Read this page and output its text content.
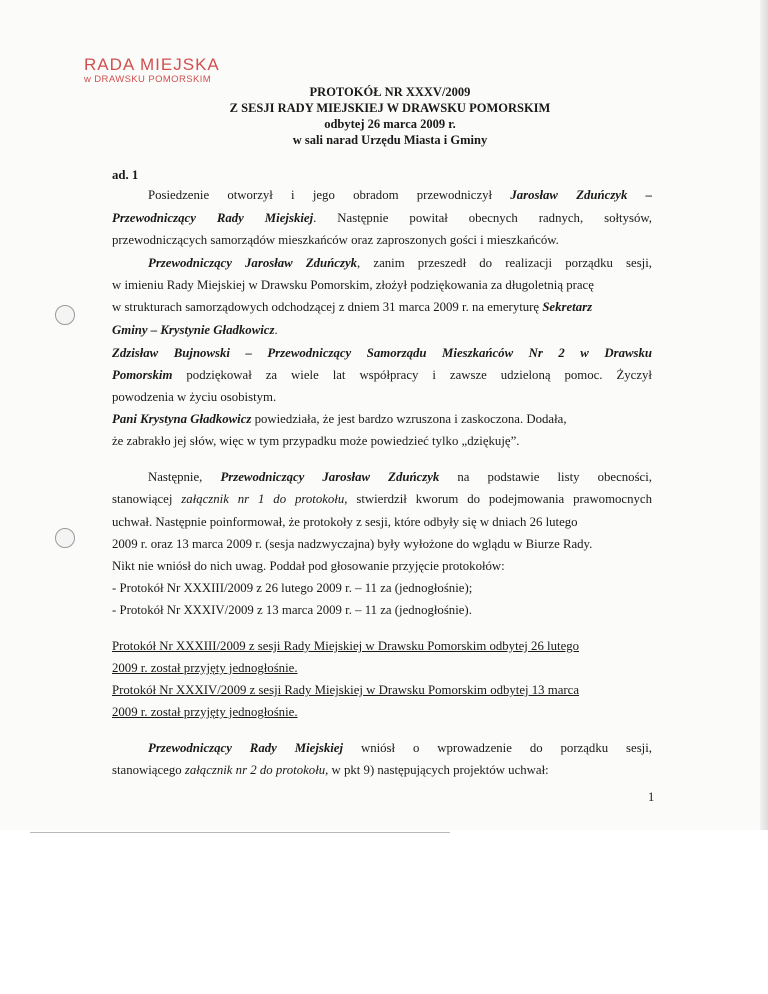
RADA MIEJSKA
w DRAWSKU POMORSKIM
PROTOKÓŁ NR XXXV/2009
Z SESJI RADY MIEJSKIEJ W DRAWSKU POMORSKIM
odbytej 26 marca 2009 r.
w sali narad Urzędu Miasta i Gminy
ad. 1
Posiedzenie otworzył i jego obradom przewodniczył Jarosław Zduńczyk –
Przewodniczący Rady Miejskiej. Następnie powitał obecnych radnych, sołtysów,
przewodniczących samorządów mieszkańców oraz zaproszonych gości i mieszkańców.
Przewodniczący Jarosław Zduńczyk, zanim przeszedł do realizacji porządku sesji,
w imieniu Rady Miejskiej w Drawsku Pomorskim, złożył podziękowania za długoletnią pracę
w strukturach samorządowych odchodzącej z dniem 31 marca 2009 r. na emeryturę Sekretarz
Gminy – Krystynie Gładkowicz.
Zdzisław Bujnowski – Przewodniczący Samorządu Mieszkańców Nr 2 w Drawsku
Pomorskim podziękował za wiele lat współpracy i zawsze udzieloną pomoc. Życzył
powodzenia w życiu osobistym.
Pani Krystyna Gładkowicz powiedziała, że jest bardzo wzruszona i zaskoczona. Dodała,
że zabrakło jej słów, więc w tym przypadku może powiedzieć tylko „dziękuję”.
Następnie, Przewodniczący Jarosław Zduńczyk na podstawie listy obecności,
stanowiącej załącznik nr 1 do protokołu, stwierdził kworum do podejmowania prawomocnych
uchwał. Następnie poinformował, że protokoły z sesji, które odbyły się w dniach 26 lutego
2009 r. oraz 13 marca 2009 r. (sesja nadzwyczajna) były wyłożone do wglądu w Biurze Rady.
Nikt nie wniósł do nich uwag. Poddał pod głosowanie przyjęcie protokołów:
- Protokół Nr XXXIII/2009 z 26 lutego 2009 r. – 11 za (jednogłośnie);
- Protokół Nr XXXIV/2009 z 13 marca 2009 r. – 11 za (jednogłośnie).
Protokół Nr XXXIII/2009 z sesji Rady Miejskiej w Drawsku Pomorskim odbytej 26 lutego
2009 r. został przyjęty jednogłośnie.
Protokół Nr XXXIV/2009 z sesji Rady Miejskiej w Drawsku Pomorskim odbytej 13 marca
2009 r. został przyjęty jednogłośnie.
Przewodniczący Rady Miejskiej wniósł o wprowadzenie do porządku sesji,
stanowiącego załącznik nr 2 do protokołu, w pkt 9) następujących projektów uchwał:
1
